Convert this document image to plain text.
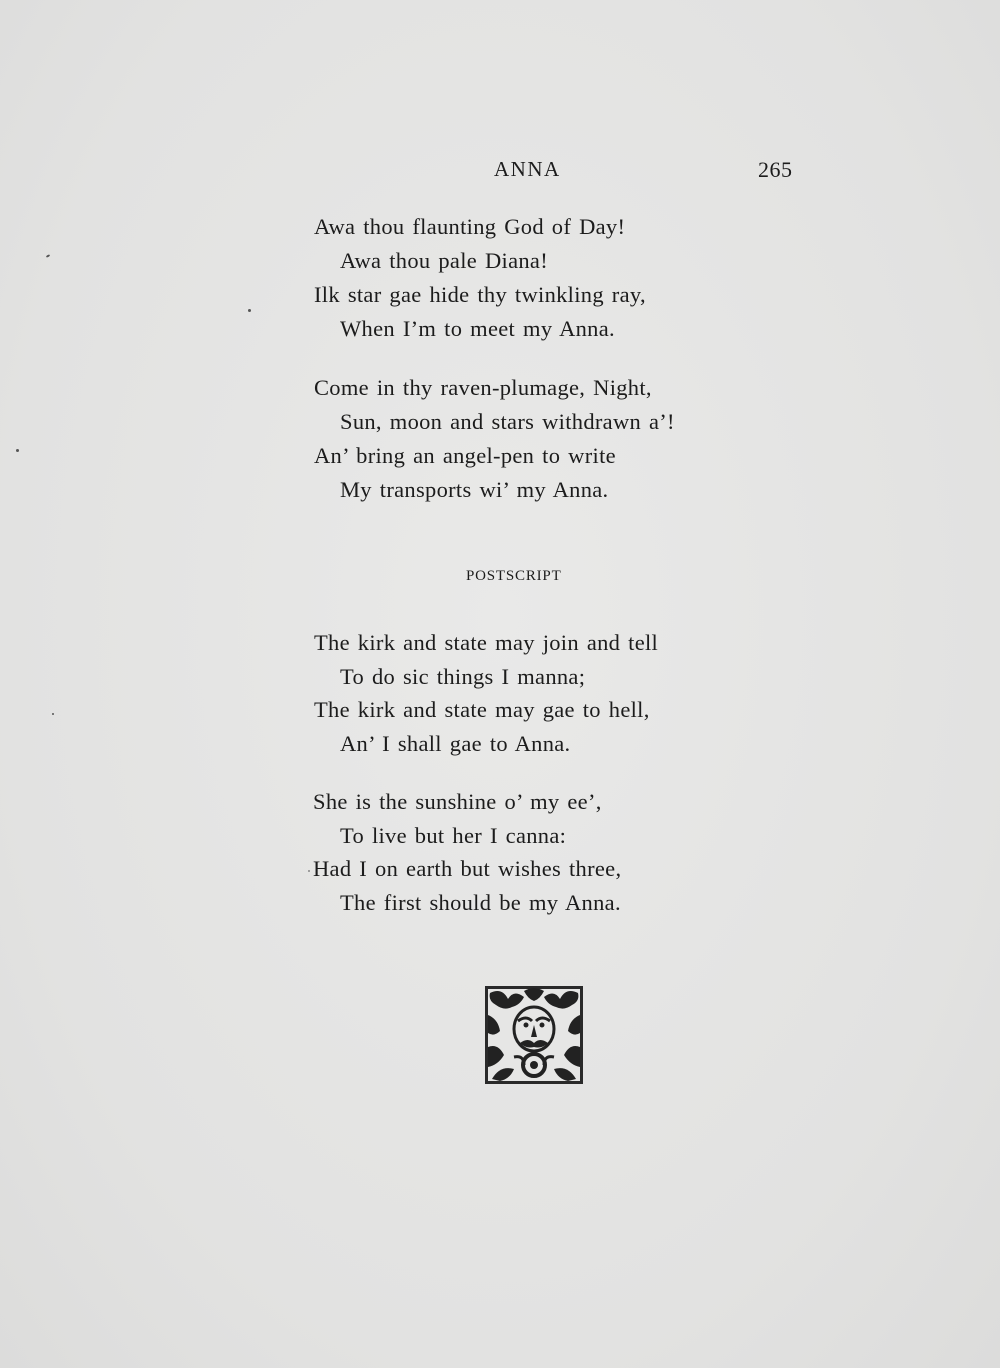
ANNA	265
Awa thou flaunting God of Day!
Awa thou pale Diana!
Ilk star gae hide thy twinkling ray,
When I’m to meet my Anna.
Come in thy raven-plumage, Night,
Sun, moon and stars withdrawn a’!
An’ bring an angel-pen to write
My transports wi’ my Anna.
POSTSCRIPT
The kirk and state may join and tell
To do sic things I manna;
The kirk and state may gae to hell,
An’ I shall gae to Anna.
She is the sunshine o’ my ee’,
To live but her I canna:
Had I on earth but wishes three,
The first should be my Anna.
